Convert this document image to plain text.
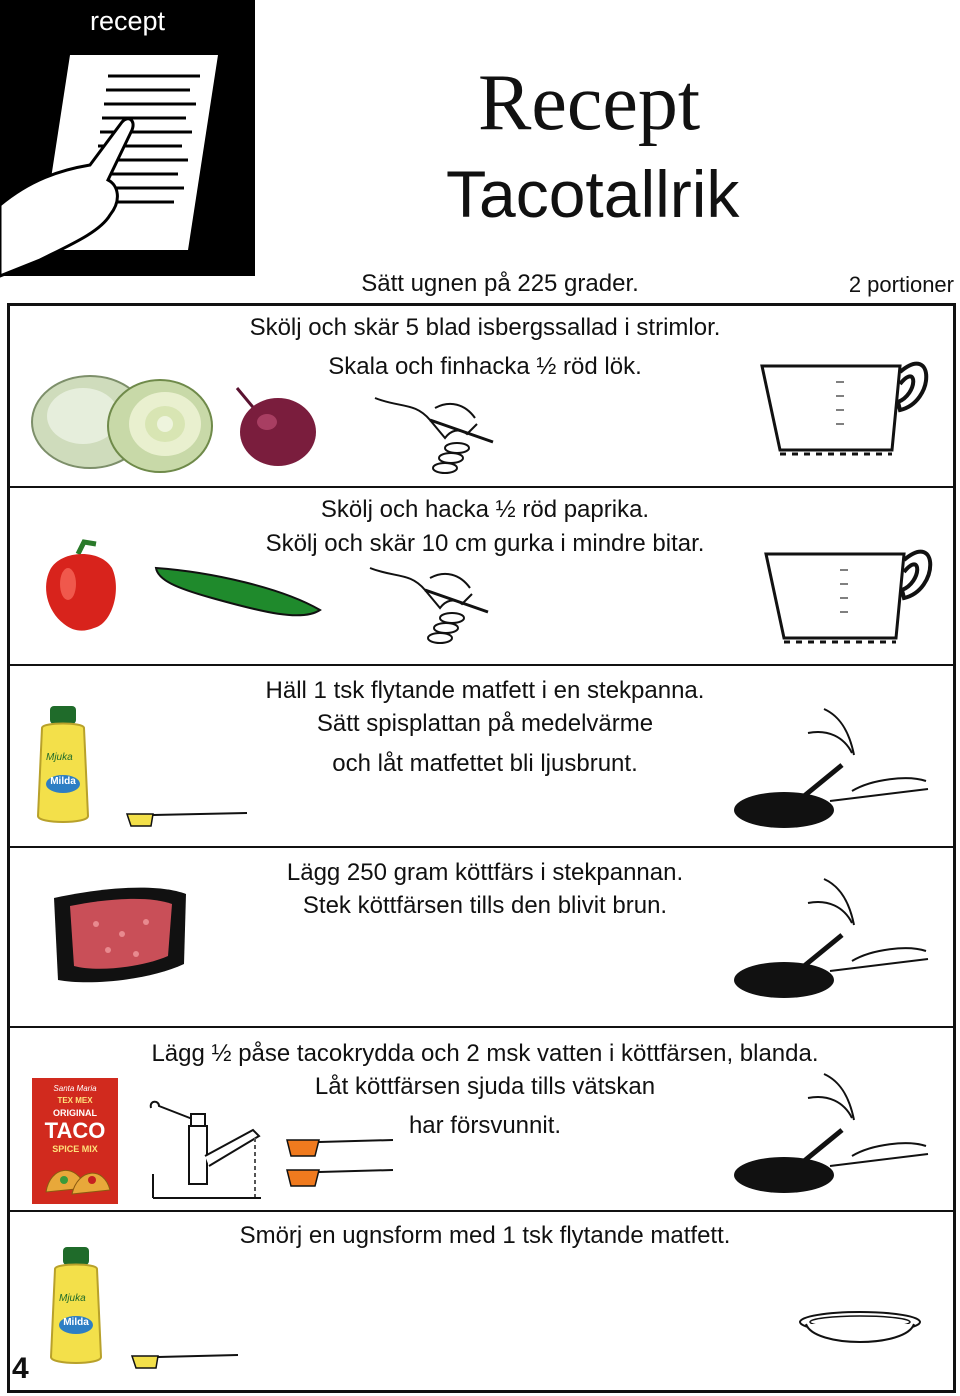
recept
Recept
Tacotallrik
Sätt ugnen på 225 grader.	2 portioner
Skölj och skär 5 blad isbergssallad i strimlor.
Skala och finhacka ½ röd lök.
Skölj och hacka ½ röd paprika.
Skölj och skär 10 cm gurka i mindre bitar.
Häll 1 tsk flytande matfett i en stekpanna.
Sätt spisplattan på medelvärme
och låt matfettet bli ljusbrunt.
Milda
Mjuka
Lägg 250 gram köttfärs i stekpannan.
Stek köttfärsen tills den blivit brun.
Lägg ½ påse tacokrydda och 2 msk vatten i köttfärsen, blanda.
Låt köttfärsen sjuda tills vätskan
har försvunnit.
Santa Maria
TEX MEX
ORIGINAL
TACO
SPICE MIX
Smörj en ugnsform med 1 tsk flytande matfett.
Milda
Mjuka
4
